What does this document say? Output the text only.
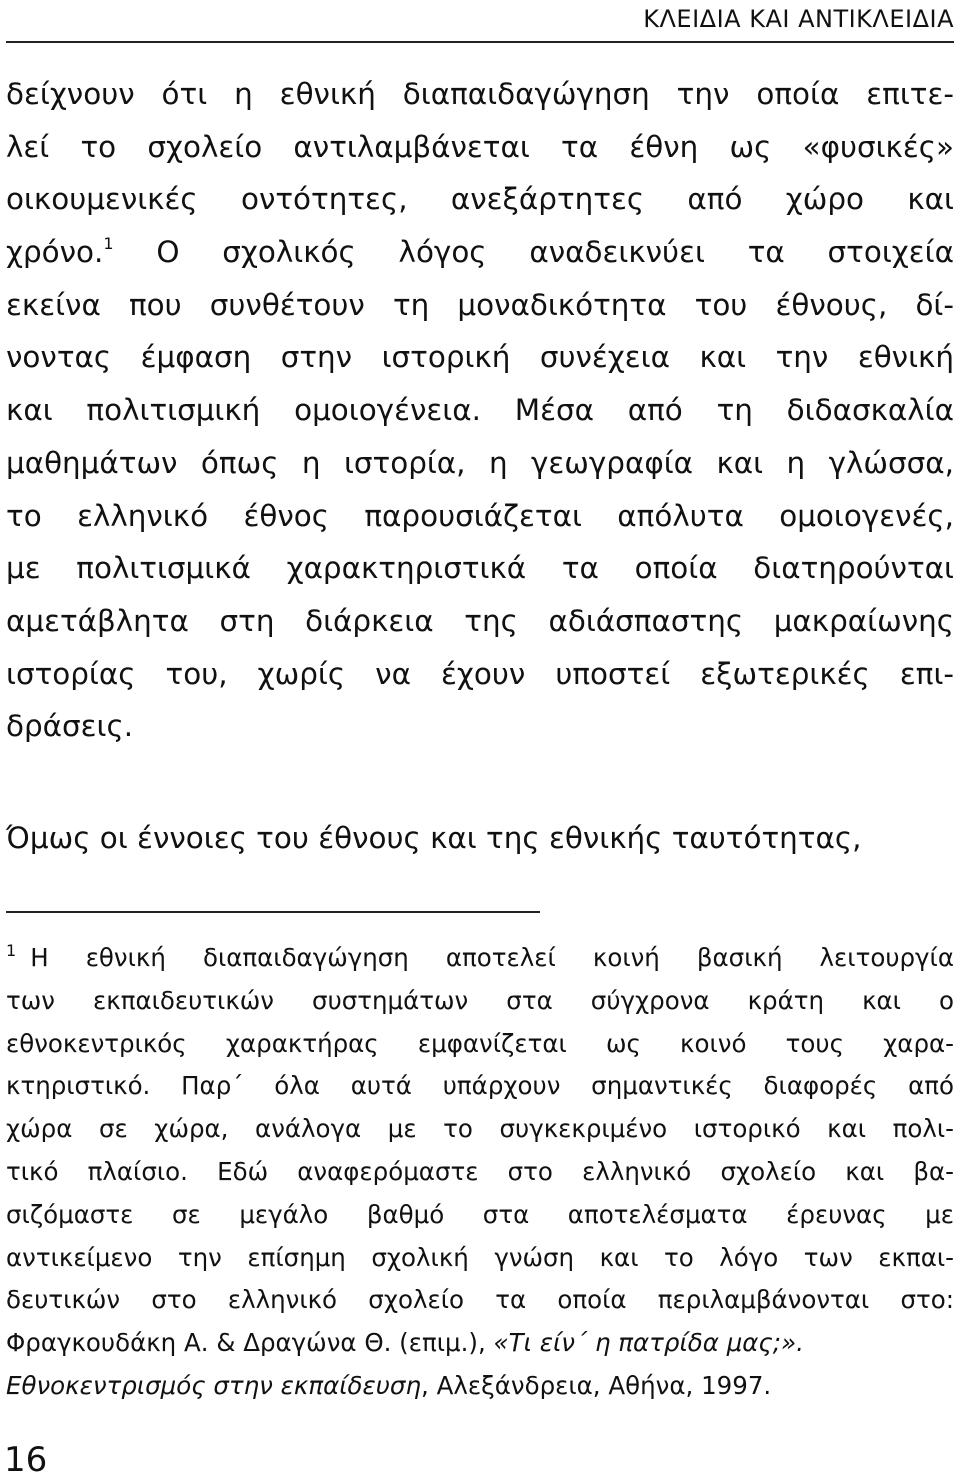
ΚΛΕΙΔΙΑ ΚΑΙ ΑΝΤΙΚΛΕΙΔΙΑ
δείχνουν ότι η εθνική διαπαιδαγώγηση την οποία επιτε-
λεί το σχολείο αντιλαμβάνεται τα έθνη ως «φυσικές»
οικουμενικές οντότητες, ανεξάρτητες από χώρο και
χρόνο.$^1$ Ο σχολικός λόγος αναδεικνύει τα στοιχεία
εκείνα που συνθέτουν τη μοναδικότητα του έθνους, δί-
νοντας έμφαση στην ιστορική συνέχεια και την εθνική
και πολιτισμική ομοιογένεια. Μέσα από τη διδασκαλία
μαθημάτων όπως η ιστορία, η γεωγραφία και η γλώσσα,
το ελληνικό έθνος παρουσιάζεται απόλυτα ομοιογενές,
με πολιτισμικά χαρακτηριστικά τα οποία διατηρούνται
αμετάβλητα στη διάρκεια της αδιάσπαστης μακραίωνης
ιστορίας του, χωρίς να έχουν υποστεί εξωτερικές επι-
δράσεις.
Όμως οι έννοιες του έθνους και της εθνικής ταυτότητας,
$^1$ Η εθνική διαπαιδαγώγηση αποτελεί κοινή βασική λειτουργία
των εκπαιδευτικών συστημάτων στα σύγχρονα κράτη και ο
εθνοκεντρικός χαρακτήρας εμφανίζεται ως κοινό τους χαρα-
κτηριστικό. Παρ΄ όλα αυτά υπάρχουν σημαντικές διαφορές από
χώρα σε χώρα, ανάλογα με το συγκεκριμένο ιστορικό και πολι-
τικό πλαίσιο. Εδώ αναφερόμαστε στο ελληνικό σχολείο και βα-
σιζόμαστε σε μεγάλο βαθμό στα αποτελέσματα έρευνας με
αντικείμενο την επίσημη σχολική γνώση και το λόγο των εκπαι-
δευτικών στο ελληνικό σχολείο τα οποία περιλαμβάνονται στο:
Φραγκουδάκη Α. & Δραγώνα Θ. (επιμ.), «Τι είν΄ η πατρίδα μας;».
Εθνοκεντρισμός στην εκπαίδευση, Αλεξάνδρεια, Αθήνα, 1997.
16
